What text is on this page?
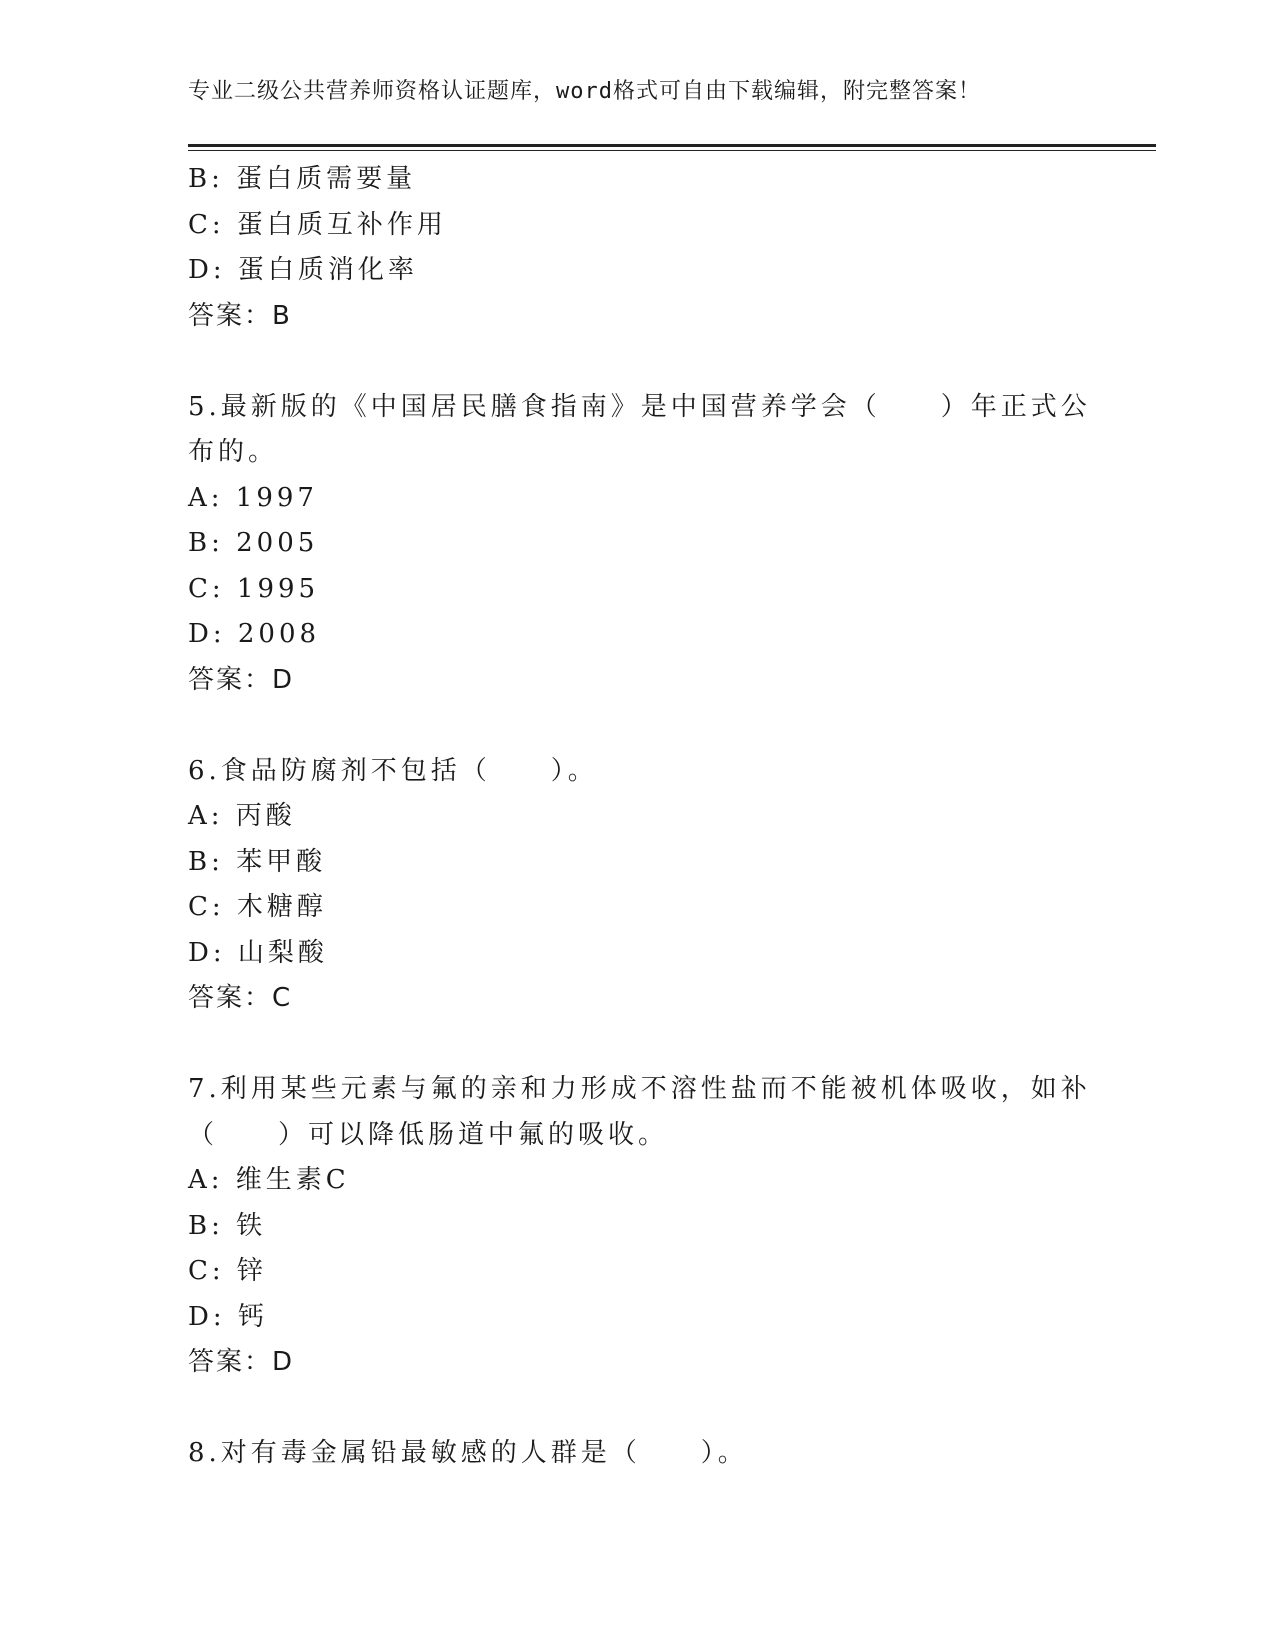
专业二级公共营养师资格认证题库，word格式可自由下载编辑，附完整答案！
B: 蛋白质需要量
C: 蛋白质互补作用
D: 蛋白质消化率
答案：B
5.最新版的《中国居民膳食指南》是中国营养学会（　　）年正式公
布的。
A: 1997
B: 2005
C: 1995
D: 2008
答案：D
6.食品防腐剂不包括（　　）。
A: 丙酸
B: 苯甲酸
C: 木糖醇
D: 山梨酸
答案：C
7.利用某些元素与氟的亲和力形成不溶性盐而不能被机体吸收，如补
（　　）可以降低肠道中氟的吸收。
A: 维生素C
B: 铁
C: 锌
D: 钙
答案：D
8.对有毒金属铅最敏感的人群是（　　）。
